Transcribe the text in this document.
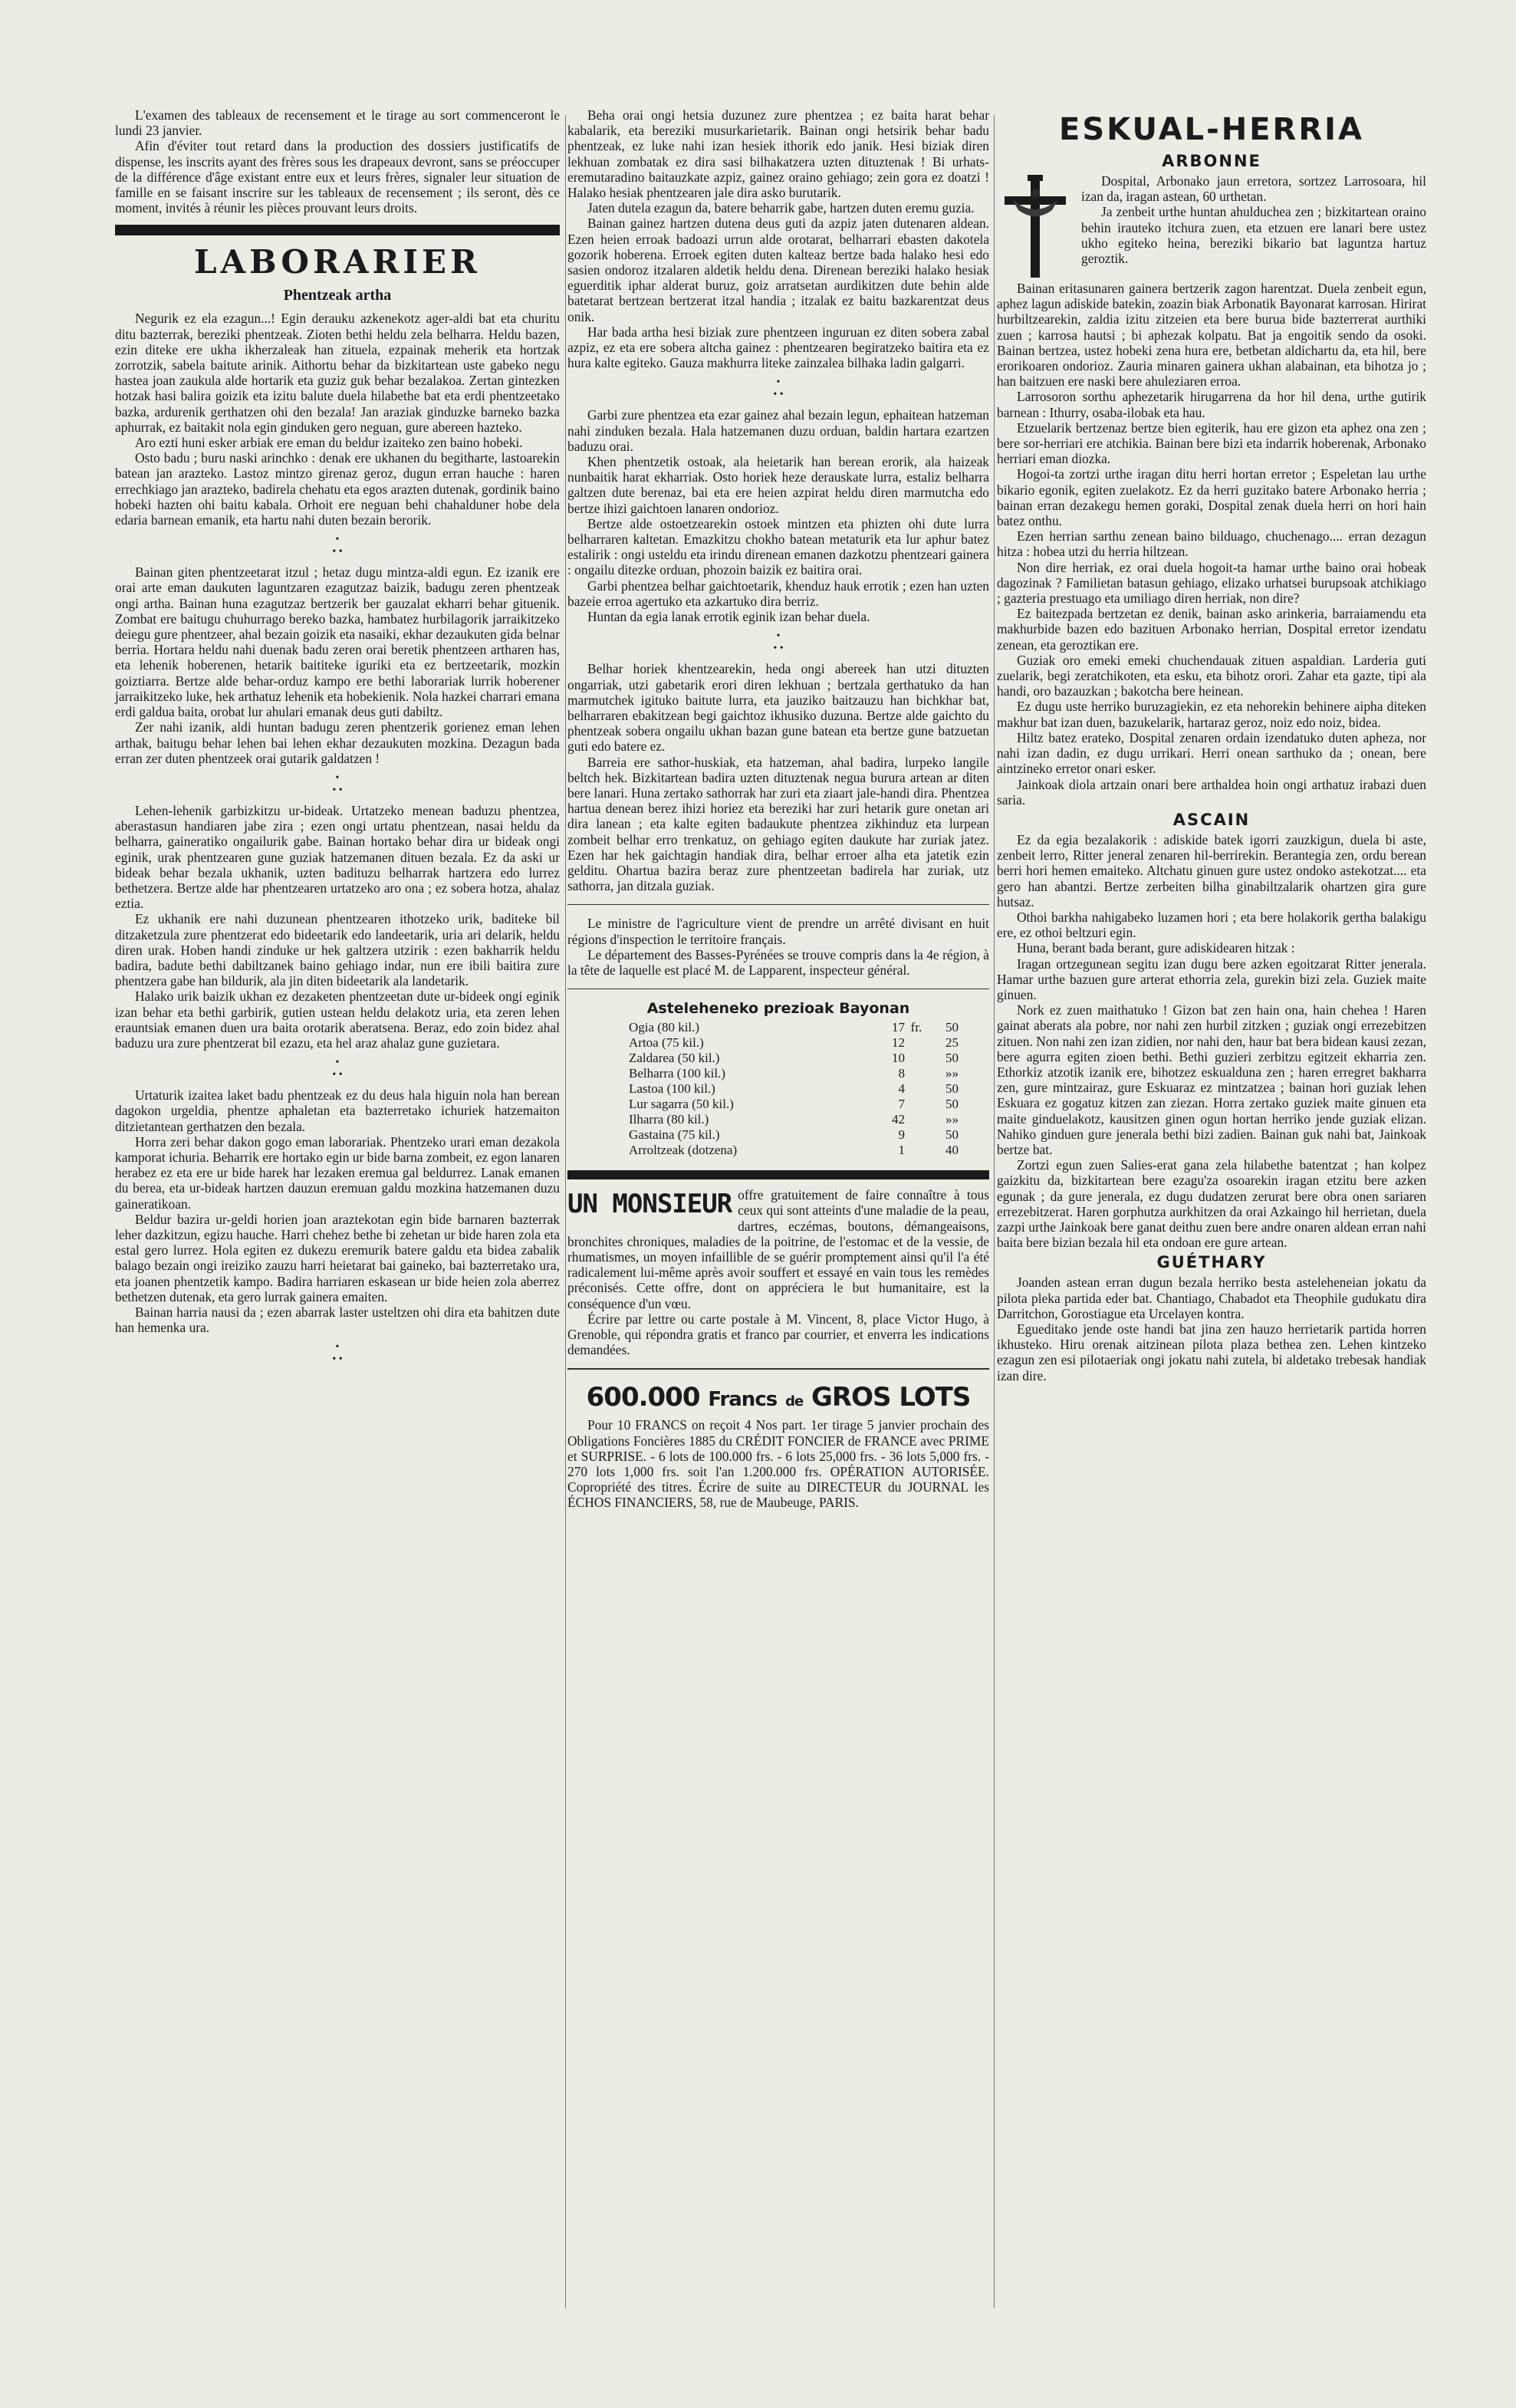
L'examen des tableaux de recensement et le tirage au sort commenceront le lundi 23 janvier.

Afin d'éviter tout retard dans la production des dossiers justificatifs de dispense, les inscrits ayant des frères sous les drapeaux devront, sans se préoccuper de la différence d'âge existant entre eux et leurs frères, signaler leur situation de famille en se faisant inscrire sur les tableaux de recensement ; ils seront, dès ce moment, invités à réunir les pièces prouvant leurs droits.

LABORARIER
Phentzeak artha

Negurik ez ela ezagun...! Egin derauku azkenekotz ager-aldi bat eta churitu ditu bazterrak, bereziki phentzeak. Zioten bethi heldu zela belharra. Heldu bazen, ezin diteke ere ukha ikherzaleak han zituela, ezpainak meherik eta hortzak zorrotzik, sabela baitute arinik. Aithortu behar da bizkitartean uste gabeko negu hastea joan zaukula alde hortarik eta guziz guk behar bezalakoa. Zertan gintezken hotzak hasi balira goizik eta izitu balute duela hilabethe bat eta erdi phentzeetako bazka, ardurenik gerthatzen ohi den bezala! Jan araziak ginduzke barneko bazka aphurrak, ez baitakit nola egin ginduken gero neguan, gure abereen hazteko.

Aro ezti huni esker arbiak ere eman du beldur izaiteko zen baino hobeki.

Osto badu ; buru naski arinchko : denak ere ukhanen du begitharte, lastoarekin batean jan arazteko. Lastoz mintzo girenaz geroz, dugun erran hauche : haren errechkiago jan arazteko, badirela chehatu eta egos arazten dutenak, gordinik baino hobeki hazten ohi baitu kabala. Orhoit ere neguan behi chahalduner hobe dela edaria barnean emanik, eta hartu nahi duten bezain berorik.

•
• •

Bainan giten phentzeetarat itzul ; hetaz dugu mintza-aldi egun. Ez izanik ere orai arte eman daukuten laguntzaren ezagutzaz baizik, badugu zeren phentzeak ongi artha. Bainan huna ezagutzaz bertzerik ber gauzalat ekharri behar gituenik. Zombat ere baitugu chuhurrago bereko bazka, hambatez hurbilagorik jarraikitzeko deiegu gure phentzeer, ahal bezain goizik eta nasaiki, ekhar dezaukuten gida belnar berria. Hortara heldu nahi duenak badu zeren orai beretik phentzeen artharen has, eta lehenik hoberenen, hetarik baititeke iguriki eta ez bertzeetarik, mozkin goiztiarra. Bertze alde behar-orduz kampo ere bethi laborariak lurrik hoberener jarraikitzeko luke, hek arthatuz lehenik eta hobekienik. Nola hazkei charrari emana erdi galdua baita, orobat lur ahulari emanak deus guti dabiltz.

Zer nahi izanik, aldi huntan badugu zeren phentzerik gorienez eman lehen arthak, baitugu behar lehen bai lehen ekhar dezaukuten mozkina. Dezagun bada erran zer duten phentzeek orai gutarik galdatzen !

•
• •

Lehen-lehenik garbizkitzu ur-bideak. Urtatzeko menean baduzu phentzea, aberastasun handiaren jabe zira ; ezen ongi urtatu phentzean, nasai heldu da belharra, gaineratiko ongailurik gabe. Bainan hortako behar dira ur bideak ongi eginik, urak phentzearen gune guziak hatzemanen dituen bezala. Ez da aski ur bideak behar bezala ukhanik, uzten badituzu belharrak hartzera edo lurrez bethetzera. Bertze alde har phentzearen urtatzeko aro ona ; ez sobera hotza, ahalaz eztia.

Ez ukhanik ere nahi duzunean phentzearen ithotzeko urik, baditeke bil ditzaketzula zure phentzerat edo bideetarik edo landeetarik, uria ari delarik, heldu diren urak. Hoben handi zinduke ur hek galtzera utzirik : ezen bakharrik heldu badira, badute bethi dabiltzanek baino gehiago indar, nun ere ibili baitira zure phentzera gabe han bildurik, ala jin diten bideetarik ala landetarik.

Halako urik baizik ukhan ez dezaketen phentzeetan dute ur-bideek ongi eginik izan behar eta bethi garbirik, gutien ustean heldu delakotz uria, eta zeren lehen erauntsiak emanen duen ura baita orotarik aberatsena. Beraz, edo zoin bidez ahal baduzu ura zure phentzerat bil ezazu, eta hel araz ahalaz gune guzietara.

•
• •

Urtaturik izaitea laket badu phentzeak ez du deus hala higuin nola han berean dagokon urgeldia, phentze aphaletan eta bazterretako ichuriek hatzemaiton ditzietantean gerthatzen den bezala.

Horra zeri behar dakon gogo eman laborariak. Phentzeko urari eman dezakola kamporat ichuria. Beharrik ere hortako egin ur bide barna zombeit, ez egon lanaren herabez ez eta ere ur bide harek har lezaken eremua gal beldurrez. Lanak emanen du berea, eta ur-bideak hartzen dauzun eremuan galdu mozkina hatzemanen duzu gaineratikoan.

Beldur bazira ur-geldi horien joan araztekotan egin bide barnaren bazterrak leher dazkitzun, egizu hauche. Harri chehez bethe bi zehetan ur bide haren zola eta estal gero lurrez. Hola egiten ez dukezu eremurik batere galdu eta bidea zabalik balago bezain ongi ireiziko zauzu harri heietarat bai gaineko, bai bazterretako ura, eta joanen phentzetik kampo. Badira harriaren eskasean ur bide heien zola aberrez bethetzen dutenak, eta gero lurrak gainera emaiten.

Bainan harria nausi da ; ezen abarrak laster usteltzen ohi dira eta bahitzen dute han hemenka ura.

•
• •

Beha orai ongi hetsia duzunez zure phentzea ; ez baita harat behar kabalarik, eta bereziki musurkarietarik. Bainan ongi hetsirik behar badu phentzeak, ez luke nahi izan hesiek ithorik edo janik. Hesi biziak diren lekhuan zombatak ez dira sasi bilhakatzera uzten dituztenak ! Bi urhats-eremutaradino baitauzkate azpiz, gainez oraino gehiago; zein gora ez doatzi ! Halako hesiak phentzearen jale dira asko burutarik.

Jaten dutela ezagun da, batere beharrik gabe, hartzen duten eremu guzia.

Bainan gainez hartzen dutena deus guti da azpiz jaten dutenaren aldean. Ezen heien erroak badoazi urrun alde orotarat, belharrari ebasten dakotela gozorik hoberena. Erroek egiten duten kalteaz bertze bada halako hesi edo sasien ondoroz itzalaren aldetik heldu dena. Direnean bereziki halako hesiak eguerditik iphar alderat buruz, goiz arratsetan aurdikitzen dute behin alde batetarat bertzean bertzerat itzal handia ; itzalak ez baitu bazkarentzat deus onik.

Har bada artha hesi biziak zure phentzeen inguruan ez diten sobera zabal azpiz, ez eta ere sobera altcha gainez : phentzearen begiratzeko baitira eta ez hura kalte egiteko. Gauza makhurra liteke zainzalea bilhaka ladin galgarri.

•
• •

Garbi zure phentzea eta ezar gainez ahal bezain legun, ephaitean hatzeman nahi zinduken bezala. Hala hatzemanen duzu orduan, baldin hartara ezartzen baduzu orai.

Khen phentzetik ostoak, ala heietarik han berean erorik, ala haizeak nunbaitik harat ekharriak. Osto horiek heze derauskate lurra, estaliz belharra galtzen dute berenaz, bai eta ere heien azpirat heldu diren marmutcha edo bertze ihizi gaichtoen lanaren ondorioz.

Bertze alde ostoetzearekin ostoek mintzen eta phizten ohi dute lurra belharraren kaltetan. Emazkitzu chokho batean metaturik eta lur aphur batez estalirik : ongi usteldu eta irindu direnean emanen dazkotzu phentzeari gainera : ongailu ditezke orduan, phozoin baizik ez baitira orai.

Garbi phentzea belhar gaichtoetarik, khenduz hauk errotik ; ezen han uzten bazeie erroa agertuko eta azkartuko dira berriz.

Huntan da egia lanak errotik eginik izan behar duela.

•
• •

Belhar horiek khentzearekin, heda ongi abereek han utzi dituzten ongarriak, utzi gabetarik erori diren lekhuan ; bertzala gerthatuko da han marmutchek igituko baitute lurra, eta jauziko baitzauzu han bichkhar bat, belharraren ebakitzean begi gaichtoz ikhusiko duzuna. Bertze alde gaichto du phentzeak sobera ongailu ukhan bazan gune batean eta bertze gune batzuetan guti edo batere ez.

Barreia ere sathor-huskiak, eta hatzeman, ahal badira, lurpeko langile beltch hek. Bizkitartean badira uzten dituztenak negua burura artean ar diten bere lanari. Huna zertako sathorrak har zuri eta ziaart jale-handi dira. Phentzea hartua denean berez ihizi horiez eta bereziki har zuri hetarik gure onetan ari dira lanean ; eta kalte egiten badaukute phentzea zikhinduz eta lurpean zombeit belhar erro trenkatuz, on gehiago egiten daukute har zuriak jatez. Ezen har hek gaichtagin handiak dira, belhar erroer alha eta jatetik ezin gelditu. Ohartua bazira beraz zure phentzeetan badirela har zuriak, utz sathorra, jan ditzala guziak.

Le ministre de l'agriculture vient de prendre un arrêté divisant en huit régions d'inspection le territoire français.

Le département des Basses-Pyrénées se trouve compris dans la 4e région, à la tête de laquelle est placé M. de Lapparent, inspecteur général.

Asteleheneko prezioak Bayonan
Ogia (80 kil.)	17 fr.	50
Artoa (75 kil.)	12	25
Zaldarea (50 kil.)	10	50
Belharra (100 kil.)	8	»»
Lastoa (100 kil.)	4	50
Lur sagarra (50 kil.)	7	50
Ilharra (80 kil.)	42	»»
Gastaina (75 kil.)	9	50
Arroltzeak (dotzena)	1	40
UN MONSIEUR offre gratuitement de faire connaître à tous ceux qui sont atteints d'une maladie de la peau, dartres, eczémas, boutons, démangeaisons, bronchites chroniques, maladies de la poitrine, de l'estomac et de la vessie, de rhumatismes, un moyen infaillible de se guérir promptement ainsi qu'il l'a été radicalement lui-même après avoir souffert et essayé en vain tous les remèdes préconisés. Cette offre, dont on appréciera le but humanitaire, est la conséquence d'un vœu.

Écrire par lettre ou carte postale à M. Vincent, 8, place Victor Hugo, à Grenoble, qui répondra gratis et franco par courrier, et enverra les indications demandées.

600.000 Francs de GROS LOTS

Pour 10 FRANCS on reçoit 4 Nos part. 1er tirage 5 janvier prochain des Obligations Foncières 1885 du CRÉDIT FONCIER de FRANCE avec PRIME et SURPRISE. - 6 lots de 100.000 frs. - 6 lots 25,000 frs. - 36 lots 5,000 frs. - 270 lots 1,000 frs. soit l'an 1.200.000 frs. OPÉRATION AUTORISÉE. Copropriété des titres. Écrire de suite au DIRECTEUR du JOURNAL les ÉCHOS FINANCIERS, 58, rue de Maubeuge, PARIS.

ESKUAL-HERRIA
ARBONNE

Dospital, Arbonako jaun erretora, sortzez Larrosoara, hil izan da, iragan astean, 60 urthetan.

Ja zenbeit urthe huntan ahulduchea zen ; bizkitartean oraino behin irauteko itchura zuen, eta etzuen ere lanari bere ustez ukho egiteko heina, bereziki bikario bat laguntza hartuz geroztik.

Bainan eritasunaren gainera bertzerik zagon harentzat. Duela zenbeit egun, aphez lagun adiskide batekin, zoazin biak Arbonatik Bayonarat karrosan. Hirirat hurbiltzearekin, zaldia izitu zitzeien eta bere burua bide bazterrerat aurthiki zuen ; karrosa hautsi ; bi aphezak kolpatu. Bat ja engoitik sendo da osoki. Bainan bertzea, ustez hobeki zena hura ere, betbetan aldichartu da, eta hil, bere erorikoaren ondorioz. Zauria minaren gainera ukhan alabainan, eta bihotza jo ; han baitzuen ere naski bere ahuleziaren erroa.

Larrosoron sorthu aphezetarik hirugarrena da hor hil dena, urthe gutirik barnean : Ithurry, osaba-ilobak eta hau.

Etzuelarik bertzenaz bertze bien egiterik, hau ere gizon eta aphez ona zen ; bere sor-herriari ere atchikia. Bainan bere bizi eta indarrik hoberenak, Arbonako herriari eman diozka.

Hogoi-ta zortzi urthe iragan ditu herri hortan erretor ; Espeletan lau urthe bikario egonik, egiten zuelakotz. Ez da herri guzitako batere Arbonako herria ; bainan erran dezakegu hemen goraki, Dospital zenak duela herri on hori hain batez onthu.

Ezen herrian sarthu zenean baino bilduago, chuchenago.... erran dezagun hitza : hobea utzi du herria hiltzean.

Non dire herriak, ez orai duela hogoit-ta hamar urthe baino orai hobeak dagozinak ? Familietan batasun gehiago, elizako urhatsei burupsoak atchikiago ; gazteria prestuago eta umiliago diren herriak, non dire?

Ez baitezpada bertzetan ez denik, bainan asko arinkeria, barraiamendu eta makhurbide bazen edo bazituen Arbonako herrian, Dospital erretor izendatu zenean, eta geroztikan ere.

Guziak oro emeki emeki chuchendauak zituen aspaldian. Larderia guti zuelarik, begi zeratchikoten, eta esku, eta bihotz orori. Zahar eta gazte, tipi ala handi, oro bazauzkan ; bakotcha bere heinean.

Ez dugu uste herriko buruzagiekin, ez eta nehorekin behinere aipha diteken makhur bat izan duen, bazukelarik, hartaraz geroz, noiz edo noiz, bidea.

Hiltz batez erateko, Dospital zenaren ordain izendatuko duten apheza, nor nahi izan dadin, ez dugu urrikari. Herri onean sarthuko da ; onean, bere aintzineko erretor onari esker.

Jainkoak diola artzain onari bere arthaldea hoin ongi arthatuz irabazi duen saria.

ASCAIN

Ez da egia bezalakorik : adiskide batek igorri zauzkigun, duela bi aste, zenbeit lerro, Ritter jeneral zenaren hil-berrirekin. Berantegia zen, ordu berean berri hori hemen emaiteko. Altchatu ginuen gure ustez ondoko astekotzat.... eta gero han abantzi. Bertze zerbeiten bilha ginabiltzalarik ohartzen gira gure hutsaz.

Othoi barkha nahigabeko luzamen hori ; eta bere holakorik gertha balakigu ere, ez othoi beltzuri egin.

Huna, berant bada berant, gure adiskidearen hitzak :

Iragan ortzegunean segitu izan dugu bere azken egoitzarat Ritter jenerala. Hamar urthe bazuen gure arterat ethorria zela, gurekin bizi zela. Guziek maite ginuen.

Nork ez zuen maithatuko ! Gizon bat zen hain ona, hain chehea ! Haren gainat aberats ala pobre, nor nahi zen hurbil zitzken ; guziak ongi errezebitzen zituen. Non nahi zen izan zidien, nor nahi den, haur bat bera bidean kausi zezan, bere agurra egiten zioen bethi. Bethi guzieri zerbitzu egitzeit ekharria zen. Ethorkiz atzotik izanik ere, bihotzez eskualduna zen ; haren erregret bakharra zen, gure mintzairaz, gure Eskuaraz ez mintzatzea ; bainan hori guziak lehen Eskuara ez gogatuz kitzen zan ziezan. Horra zertako guziek maite ginuen eta maite ginduelakotz, kausitzen ginen ogun hortan herriko jende guziak elizan. Nahiko ginduen gure jenerala bethi bizi zadien. Bainan guk nahi bat, Jainkoak bertze bat.

Zortzi egun zuen Salies-erat gana zela hilabethe batentzat ; han kolpez gaizkitu da, bizkitartean bere ezagu'za osoarekin iragan etzitu bere azken egunak ; da gure jenerala, ez dugu dudatzen zerurat bere obra onen sariaren errezebitzerat. Haren gorphutza aurkhitzen da orai Azkaingo hil herrietan, duela zazpi urthe Jainkoak bere ganat deithu zuen bere andre onaren aldean erran nahi baita bere bizian bezala hil eta ondoan ere gure artean.

GUÉTHARY

Joanden astean erran dugun bezala herriko besta asteleheneian jokatu da pilota pleka partida eder bat. Chantiago, Chabadot eta Theophile gudukatu dira Darritchon, Gorostiague eta Urcelayen kontra.

Egueditako jende oste handi bat jina zen hauzo herrietarik partida horren ikhusteko. Hiru orenak aitzinean pilota plaza bethea zen. Lehen kintzeko ezagun zen esi pilotaeriak ongi jokatu nahi zutela, bi aldetako trebesak handiak izan dire.
